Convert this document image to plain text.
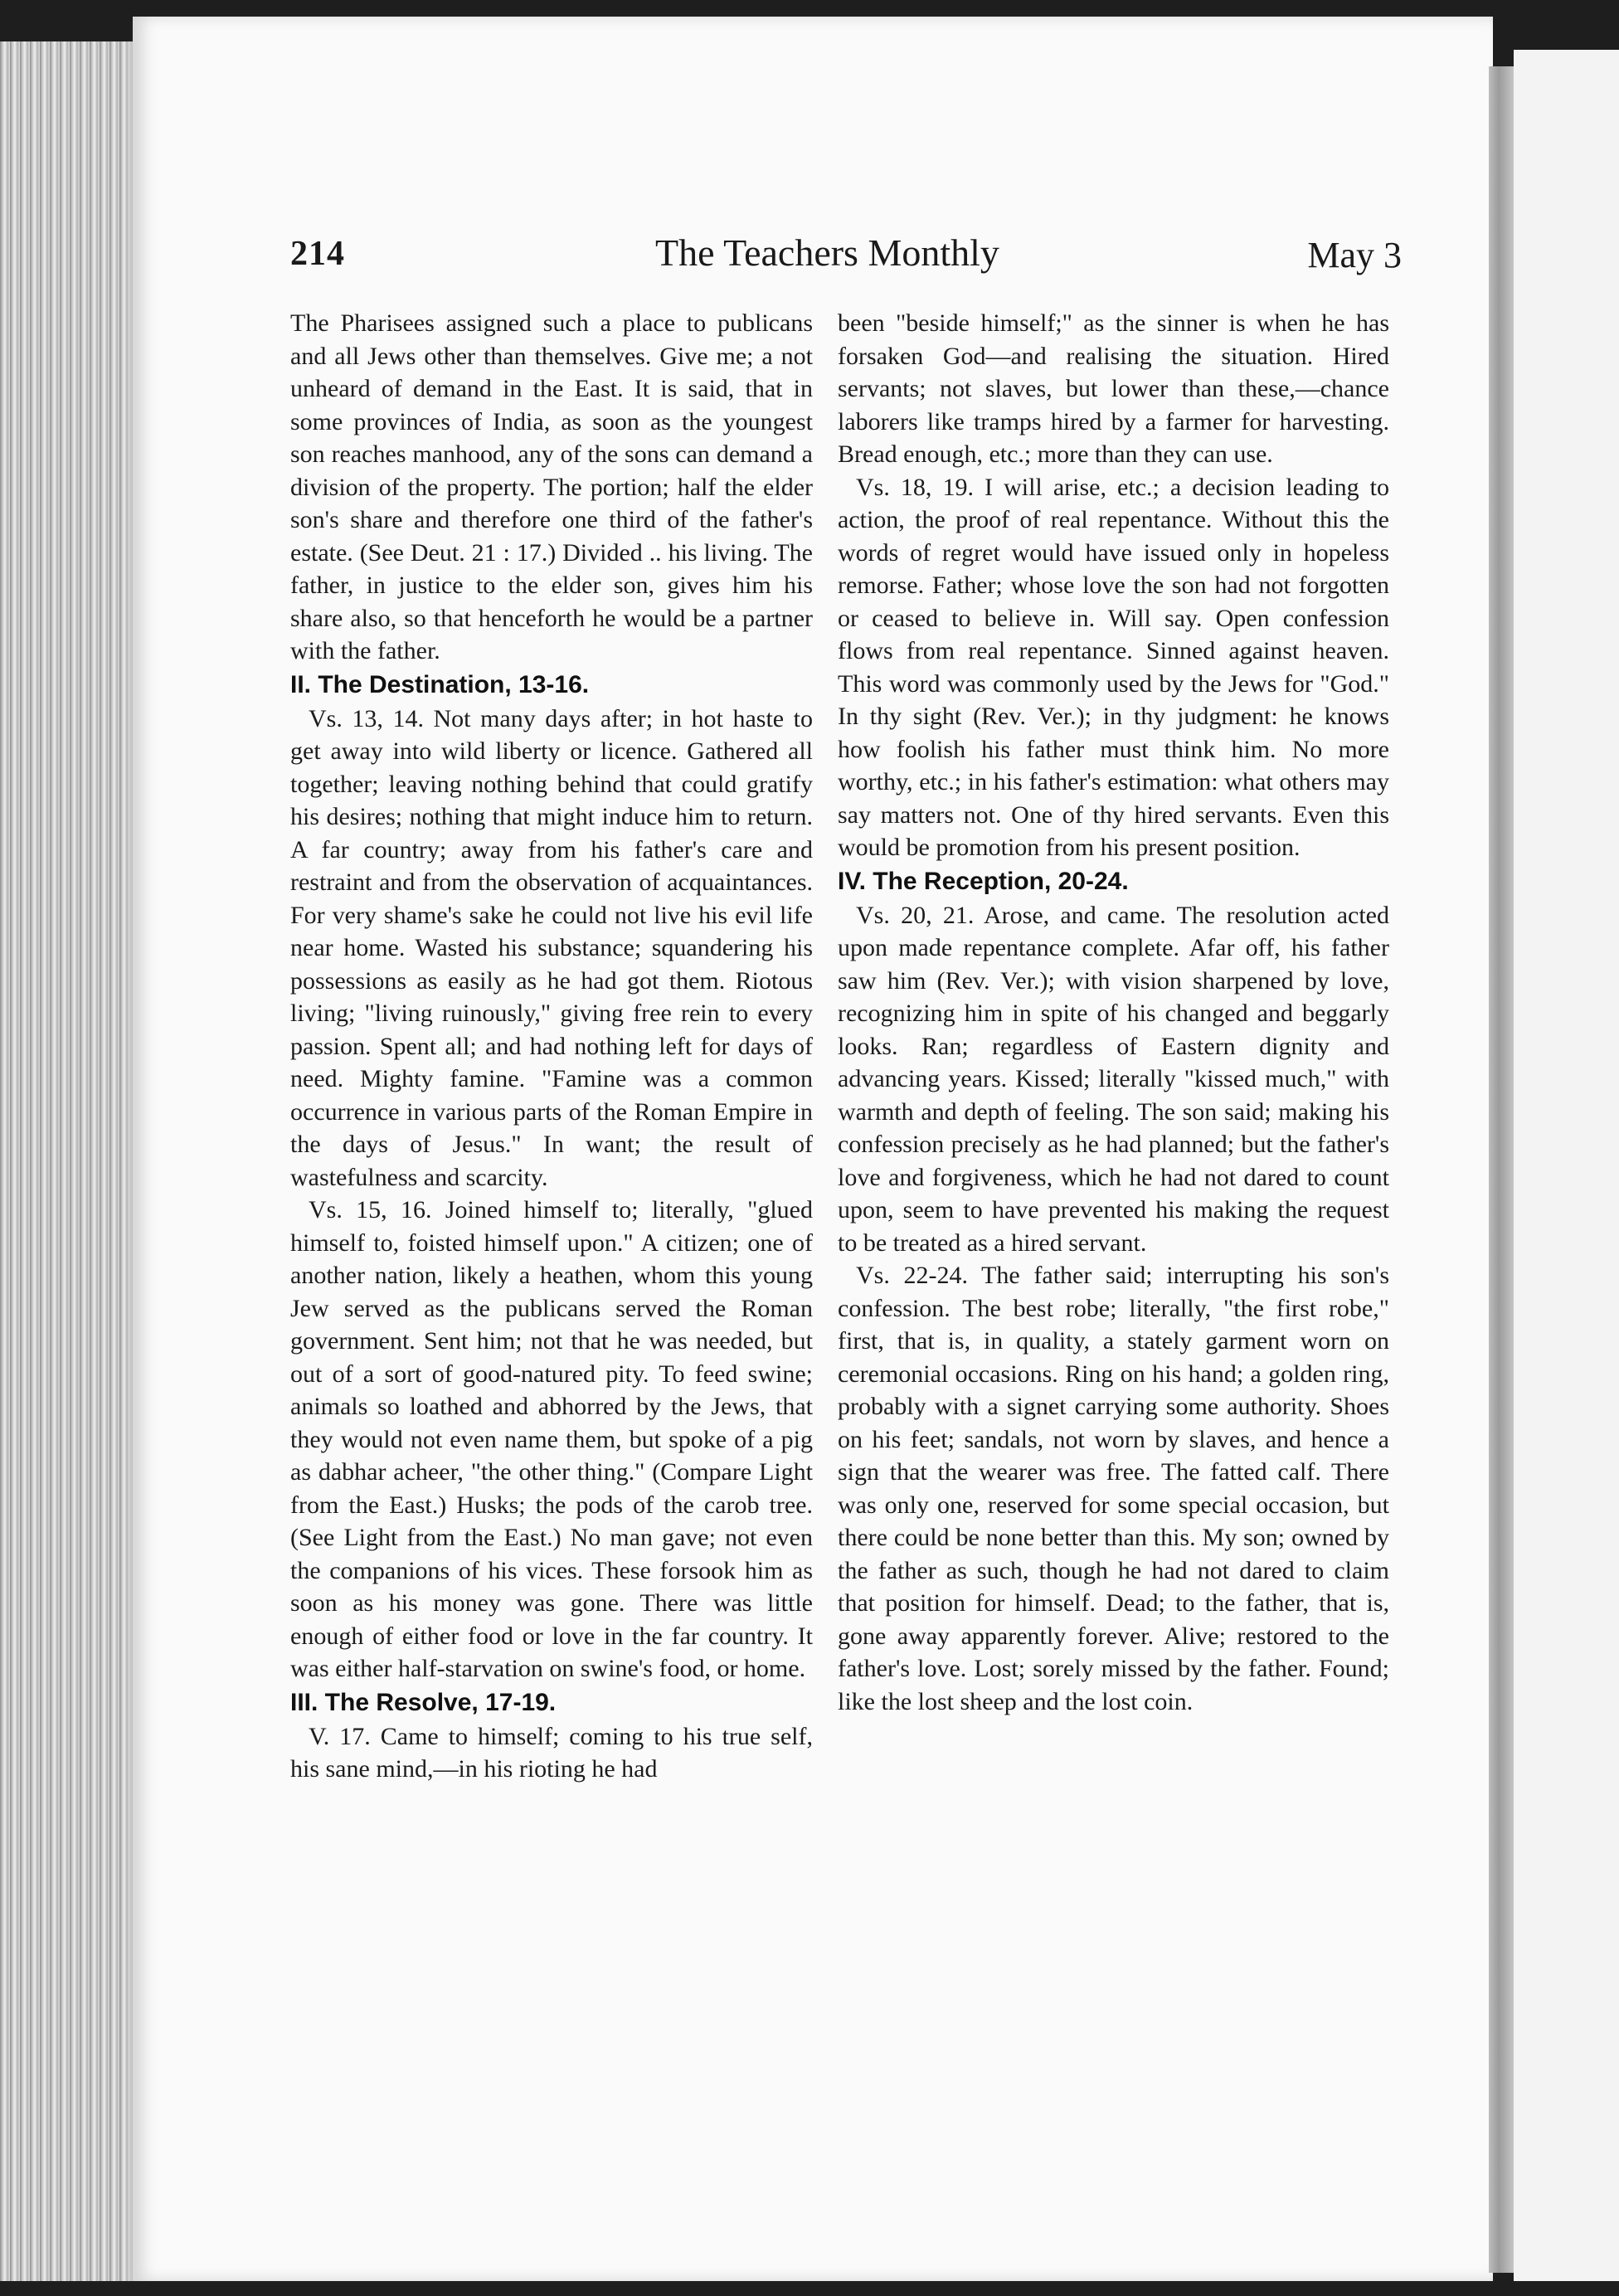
214	The Teachers Monthly	May 3

The Pharisees assigned such a place to publicans and all Jews other than themselves. Give me; a not unheard of demand in the East. It is said, that in some provinces of India, as soon as the youngest son reaches manhood, any of the sons can demand a division of the property. The portion; half the elder son's share and therefore one third of the father's estate. (See Deut. 21 : 17.) Divided .. his living. The father, in justice to the elder son, gives him his share also, so that henceforth he would be a partner with the father.

II. The Destination, 13-16.

Vs. 13, 14. Not many days after; in hot haste to get away into wild liberty or licence. Gathered all together; leaving nothing behind that could gratify his desires; nothing that might induce him to return. A far country; away from his father's care and restraint and from the observation of acquaintances. For very shame's sake he could not live his evil life near home. Wasted his substance; squandering his possessions as easily as he had got them. Riotous living; "living ruinously," giving free rein to every passion. Spent all; and had nothing left for days of need. Mighty famine. "Famine was a common occurrence in various parts of the Roman Empire in the days of Jesus." In want; the result of wastefulness and scarcity.

Vs. 15, 16. Joined himself to; literally, "glued himself to, foisted himself upon." A citizen; one of another nation, likely a heathen, whom this young Jew served as the publicans served the Roman government. Sent him; not that he was needed, but out of a sort of good-natured pity. To feed swine; animals so loathed and abhorred by the Jews, that they would not even name them, but spoke of a pig as dabhar acheer, "the other thing." (Compare Light from the East.) Husks; the pods of the carob tree. (See Light from the East.) No man gave; not even the companions of his vices. These forsook him as soon as his money was gone. There was little enough of either food or love in the far country. It was either half-starvation on swine's food, or home.

III. The Resolve, 17-19.

V. 17. Came to himself; coming to his true self, his sane mind,—in his rioting he had

been "beside himself;" as the sinner is when he has forsaken God—and realising the situation. Hired servants; not slaves, but lower than these,—chance laborers like tramps hired by a farmer for harvesting. Bread enough, etc.; more than they can use.

Vs. 18, 19. I will arise, etc.; a decision leading to action, the proof of real repentance. Without this the words of regret would have issued only in hopeless remorse. Father; whose love the son had not forgotten or ceased to believe in. Will say. Open confession flows from real repentance. Sinned against heaven. This word was commonly used by the Jews for "God." In thy sight (Rev. Ver.); in thy judgment: he knows how foolish his father must think him. No more worthy, etc.; in his father's estimation: what others may say matters not. One of thy hired servants. Even this would be promotion from his present position.

IV. The Reception, 20-24.

Vs. 20, 21. Arose, and came. The resolution acted upon made repentance complete. Afar off, his father saw him (Rev. Ver.); with vision sharpened by love, recognizing him in spite of his changed and beggarly looks. Ran; regardless of Eastern dignity and advancing years. Kissed; literally "kissed much," with warmth and depth of feeling. The son said; making his confession precisely as he had planned; but the father's love and forgiveness, which he had not dared to count upon, seem to have prevented his making the request to be treated as a hired servant.

Vs. 22-24. The father said; interrupting his son's confession. The best robe; literally, "the first robe," first, that is, in quality, a stately garment worn on ceremonial occasions. Ring on his hand; a golden ring, probably with a signet carrying some authority. Shoes on his feet; sandals, not worn by slaves, and hence a sign that the wearer was free. The fatted calf. There was only one, reserved for some special occasion, but there could be none better than this. My son; owned by the father as such, though he had not dared to claim that position for himself. Dead; to the father, that is, gone away apparently forever. Alive; restored to the father's love. Lost; sorely missed by the father. Found; like the lost sheep and the lost coin.
